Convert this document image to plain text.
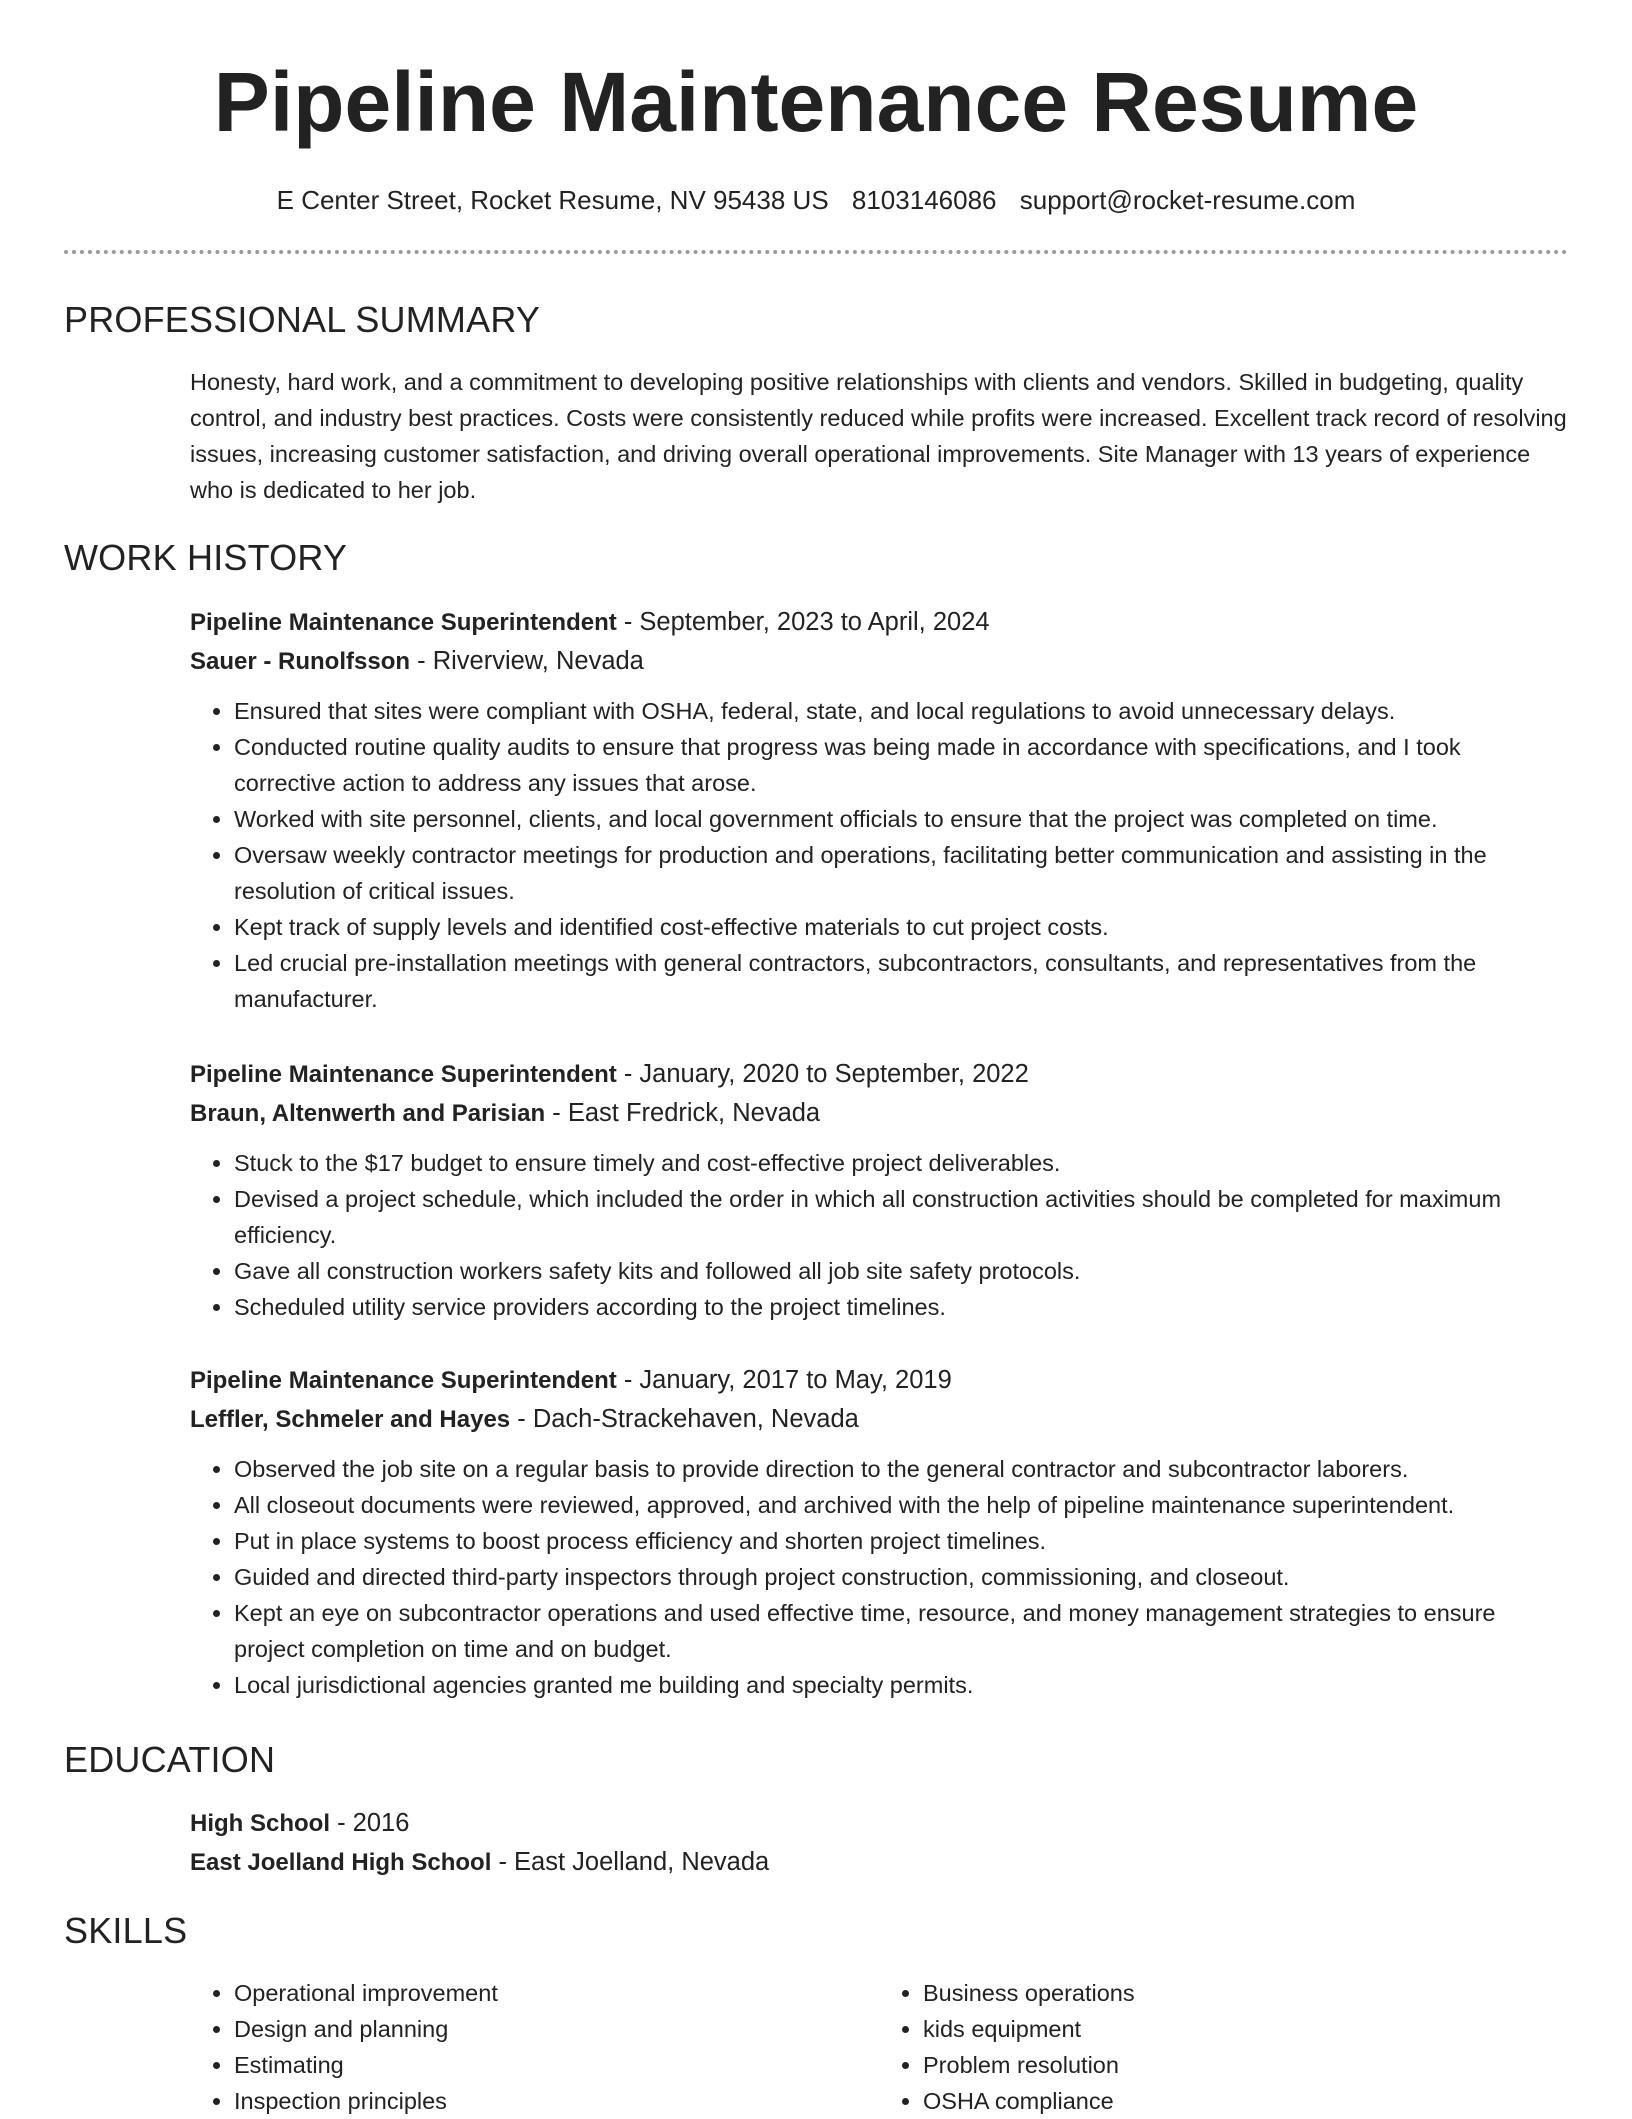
Pipeline Maintenance Resume
E Center Street, Rocket Resume, NV 95438 US 8103146086 support@rocket-resume.com
PROFESSIONAL SUMMARY

Honesty, hard work, and a commitment to developing positive relationships with clients and vendors. Skilled in budgeting, quality control, and industry best practices. Costs were consistently reduced while profits were increased. Excellent track record of resolving issues, increasing customer satisfaction, and driving overall operational improvements. Site Manager with 13 years of experience who is dedicated to her job.

WORK HISTORY

Pipeline Maintenance Superintendent - September, 2023 to April, 2024

Sauer - Runolfsson - Riverview, Nevada

• Ensured that sites were compliant with OSHA, federal, state, and local regulations to avoid unnecessary delays.
• Conducted routine quality audits to ensure that progress was being made in accordance with specifications, and I took corrective action to address any issues that arose.
• Worked with site personnel, clients, and local government officials to ensure that the project was completed on time.
• Oversaw weekly contractor meetings for production and operations, facilitating better communication and assisting in the resolution of critical issues.
• Kept track of supply levels and identified cost-effective materials to cut project costs.
• Led crucial pre-installation meetings with general contractors, subcontractors, consultants, and representatives from the manufacturer.

Pipeline Maintenance Superintendent - January, 2020 to September, 2022

Braun, Altenwerth and Parisian - East Fredrick, Nevada

• Stuck to the $17 budget to ensure timely and cost-effective project deliverables.
• Devised a project schedule, which included the order in which all construction activities should be completed for maximum efficiency.
• Gave all construction workers safety kits and followed all job site safety protocols.
• Scheduled utility service providers according to the project timelines.

Pipeline Maintenance Superintendent - January, 2017 to May, 2019

Leffler, Schmeler and Hayes - Dach-Strackehaven, Nevada

• Observed the job site on a regular basis to provide direction to the general contractor and subcontractor laborers.
• All closeout documents were reviewed, approved, and archived with the help of pipeline maintenance superintendent.
• Put in place systems to boost process efficiency and shorten project timelines.
• Guided and directed third-party inspectors through project construction, commissioning, and closeout.
• Kept an eye on subcontractor operations and used effective time, resource, and money management strategies to ensure project completion on time and on budget.
• Local jurisdictional agencies granted me building and specialty permits.
EDUCATION

High School - 2016

East Joelland High School - East Joelland, Nevada

SKILLS
• Operational improvement
• Design and planning
• Estimating
• Inspection principles
• Business operations
• kids equipment
• Problem resolution
• OSHA compliance
